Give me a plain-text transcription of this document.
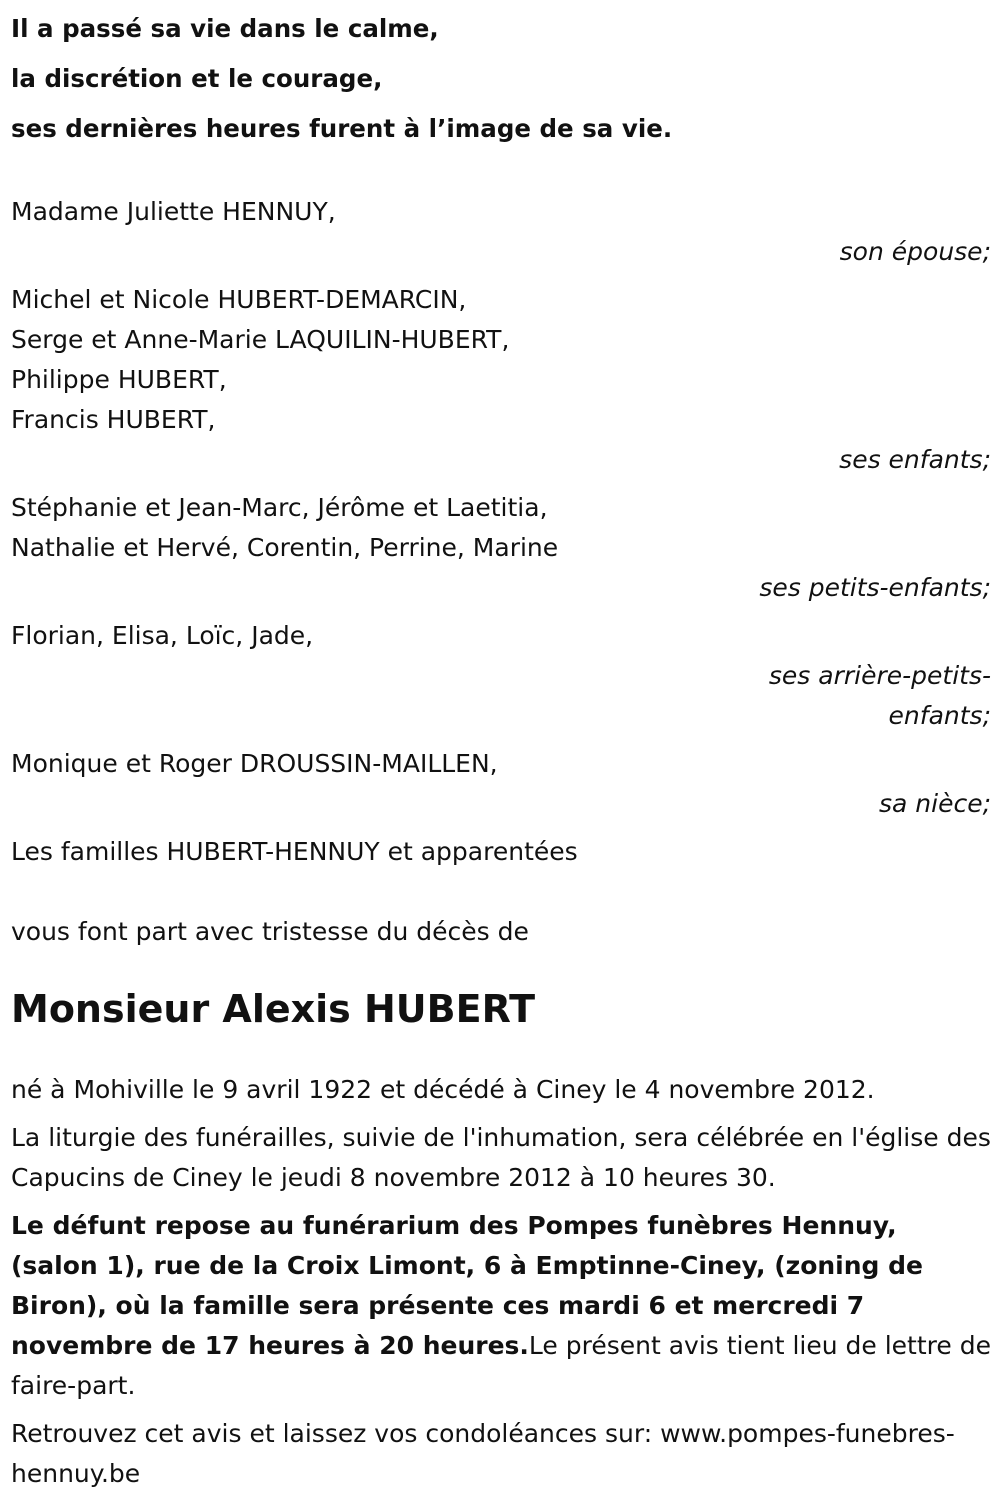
Il a passé sa vie dans le calme,

la discrétion et le courage,

ses dernières heures furent à l’image de sa vie.

Madame Juliette HENNUY,

son épouse;

Michel et Nicole HUBERT-DEMARCIN,

Serge et Anne-Marie LAQUILIN-HUBERT,

Philippe HUBERT,

Francis HUBERT,

ses enfants;

Stéphanie et Jean-Marc, Jérôme et Laetitia,

Nathalie et Hervé, Corentin, Perrine, Marine

ses petits-enfants;

Florian, Elisa, Loïc, Jade,

ses arrière-petits-

enfants;

Monique et Roger DROUSSIN-MAILLEN,

sa nièce;

Les familles HUBERT-HENNUY et apparentées

vous font part avec tristesse du décès de

Monsieur Alexis HUBERT

né à Mohiville le 9 avril 1922 et décédé à Ciney le 4 novembre 2012.

La liturgie des funérailles, suivie de l'inhumation, sera célébrée en l'église des Capucins de Ciney le jeudi 8 novembre 2012 à 10 heures 30.

Le défunt repose au funérarium des Pompes funèbres Hennuy, (salon 1), rue de la Croix Limont, 6 à Emptinne-Ciney, (zoning de Biron), où la famille sera présente ces mardi 6 et mercredi 7 novembre de 17 heures à 20 heures.Le présent avis tient lieu de lettre de faire-part.

Retrouvez cet avis et laissez vos condoléances sur: www.pompes-funebres-hennuy.be
